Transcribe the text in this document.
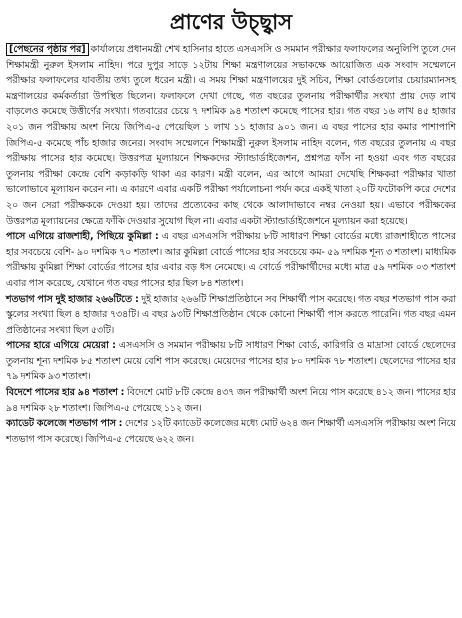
প্রাণের উচ্ছ্বাস

[পেছনের পৃষ্ঠার পর] কার্যালয়ে প্রধানমন্ত্রী শেখ হাসিনার হাতে এসএসসি ও সমমান পরীক্ষার ফলাফলের অনুলিপি তুলে দেন শিক্ষামন্ত্রী নুরুল ইসলাম নাহিদ। পরে দুপুর সাড়ে ১২টায় শিক্ষা মন্ত্রণালয়ের সভাকক্ষে আয়োজিত এক সংবাদ সম্মেলনে পরীক্ষার ফলাফলের যাবতীয় তথ্য তুলে ধরেন মন্ত্রী। এ সময় শিক্ষা মন্ত্রণালয়ের দুই সচিব, শিক্ষা বোর্ডগুলোর চেয়ারম্যানসহ মন্ত্রণালয়ের কর্মকর্তারা উপস্থিত ছিলেন। ফলাফলে দেখা গেছে, গত বছরের তুলনায় পরীক্ষার্থীর সংখ্যা প্রায় দেড় লাখ বাড়লেও কমেছে উত্তীর্ণের সংখ্যা। গতবারের চেয়ে ৭ দশমিক ৯৪ শতাংশ কমেছে পাসের হার। গত বছর ১৬ লাখ ৪৫ হাজার ২০১ জন পরীক্ষায় অংশ নিয়ে জিপিএ-৫ পেয়েছিল ১ লাখ ১১ হাজার ৯০১ জন। এ বছর পাসের হার কমার পাশাপাশি জিপিএ-৫ কমেছে পাঁচ হাজার জনের। সংবাদ সম্মেলনে শিক্ষামন্ত্রী নুরুল ইসলাম নাহিদ বলেন, গত বছরের তুলনায় এ বছর পরীক্ষায় পাসের হার কমেছে। উত্তরপত্র মূল্যায়নে শিক্ষকদের স্ট্যান্ডার্ডাইজেশন, প্রশ্নপত্র ফাঁস না হওয়া এবং গত বছরের তুলনায় পরীক্ষা কেন্দ্রে বেশি কড়াকড়ি থাকা এর কারণ। মন্ত্রী বলেন, এর আগে আমরা দেখেছি শিক্ষকরা পরীক্ষার খাতা ভালোভাবে মূল্যায়ন করেন না। এ কারণে এবার একটি পরীক্ষা পর্যালোচনা পর্যদ করে একই খাতা ২০টি ফটোকপি করে দেশের ২০ জন সেরা পরীক্ষককে দেওয়া হয়। তাদের প্রত্যেকের কাছ থেকে আলাদাভাবে নম্বর নেওয়া হয়। এভাবে পরীক্ষকের উত্তরপত্র মূল্যায়নের ক্ষেত্রে ফাঁকি দেওয়ার সুযোগ ছিল না। এবার একটা স্ট্যান্ডার্ডাইজেশনে মূল্যায়ন করা হয়েছে।

পাসে এগিয়ে রাজশাহী, পিছিয়ে কুমিল্লা : এ বছর এসএসসি পরীক্ষায় ৮টি সাধারণ শিক্ষা বোর্ডের মধ্যে রাজশাহীতে পাসের হার সবচেয়ে বেশি- ৯০ দশমিক ৭০ শতাংশ। আর কুমিল্লা বোর্ডে পাসের হার সবচেয়ে কম- ৫৯ দশমিক শূন্য ৩ শতাংশ। মাধ্যমিক পরীক্ষায় কুমিল্লা শিক্ষা বোর্ডের পাসের হার এবার বড় ধস নেমেছে। এ বোর্ডে পরীক্ষার্থীদের মধ্যে মাত্র ৫৯ দশমিক ০৩ শতাংশ এবার পাস করেছে, যেখানে গত বছর পাসের হার ছিল ৮৪ শতাংশ।

শতভাগ পাস দুই হাজার ২৬৬টিতে : দুই হাজার ২৬৬টি শিক্ষাপ্রতিষ্ঠানে সব শিক্ষার্থী পাস করেছে। গত বছর শতভাগ পাস করা স্কুলের সংখ্যা ছিল ৪ হাজার ৭৩৪টি। এ বছর ৯৩টি শিক্ষাপ্রতিষ্ঠান থেকে কোনো শিক্ষার্থী পাস করতে পারেনি। গত বছর এমন প্রতিষ্ঠানের সংখ্যা ছিল ৫৩টি।

পাসের হারে এগিয়ে মেয়েরা : এসএসসি ও সমমান পরীক্ষায় ৮টি সাধারণ শিক্ষা বোর্ড, কারিগরি ও মাদ্রাসা বোর্ডে ছেলেদের তুলনায় শূন্য দশমিক ৮৫ শতাংশ মেয়ে বেশি পাস করেছে। মেয়েদের পাসের হার ৮০ দশমিক ৭৮ শতাংশ। ছেলেদের পাসের হার ৭৯ দশমিক ৯৩ শতাংশ।

বিদেশে পাসের হার ৯৪ শতাংশ : বিদেশে মোট ৮টি কেন্দ্রে ৪৩৭ জন পরীক্ষার্থী অংশ নিয়ে পাস করেছে ৪১২ জন। পাসের হার ৯৪ দশমিক ২৮ শতাংশ। জিপিএ-৫ পেয়েছে ১১২ জন।

ক্যাডেট কলেজে শতভাগ পাস : দেশের ১২টি ক্যাডেট কলেজের মধ্যে মোট ৬২৪ জন শিক্ষার্থী এসএসসি পরীক্ষায় অংশ নিয়ে শতভাগ পাস করেছে। জিপিএ-৫ পেয়েছে ৬২২ জন।
